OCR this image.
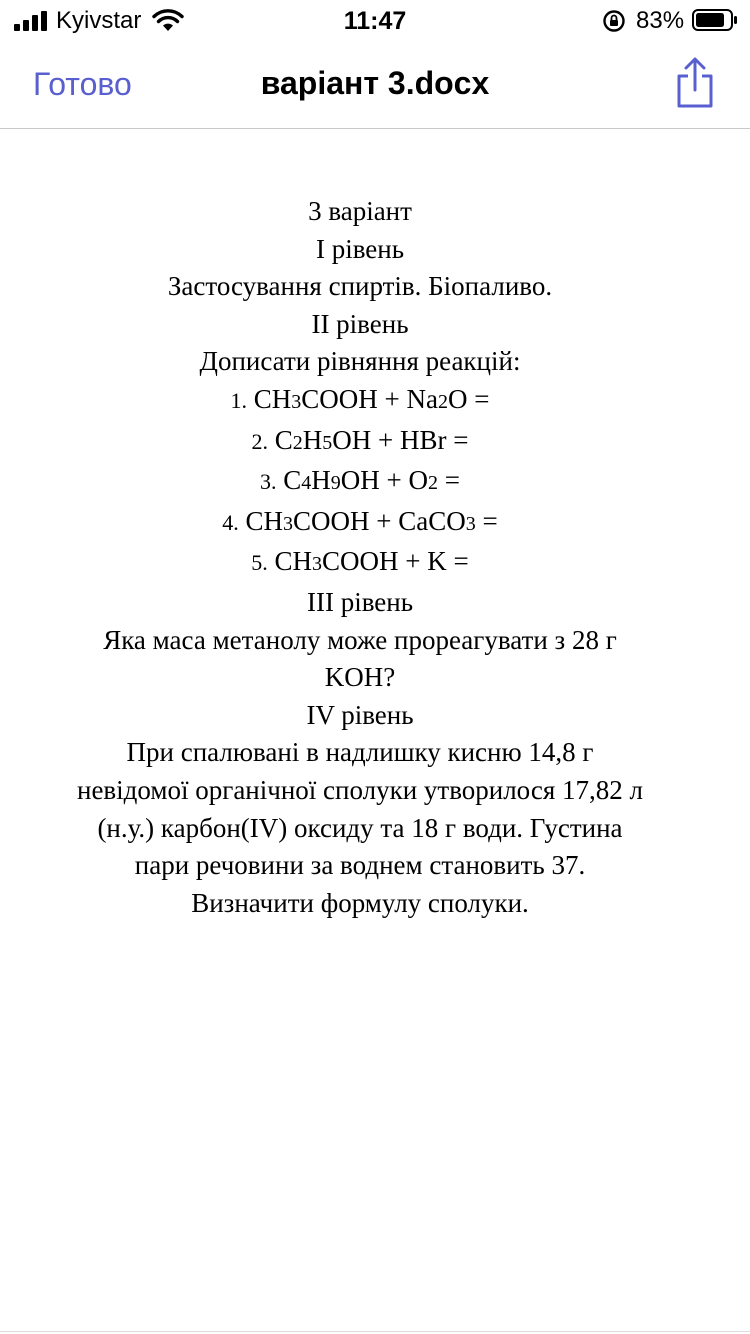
Kyivstar	11:47	83%
Готово	варіант 3.docx
3 варіант
I рівень
Застосування спиртів. Біопаливо.
II рівень
Дописати рівняння реакцій:
1. CH3COOH + Na2O =
2. C2H5OH + HBr =
3. C4H9OH + O2 =
4. CH3COOH + CaCO3 =
5. CH3COOH + K =
III рівень
Яка маса метанолу може прореагувати з 28 г
KOH?
IV рівень
При спалювані в надлишку кисню 14,8 г
невідомої органічної сполуки утворилося 17,82 л
(н.у.) карбон(IV) оксиду та 18 г води. Густина
пари речовини за воднем становить 37.
Визначити формулу сполуки.
